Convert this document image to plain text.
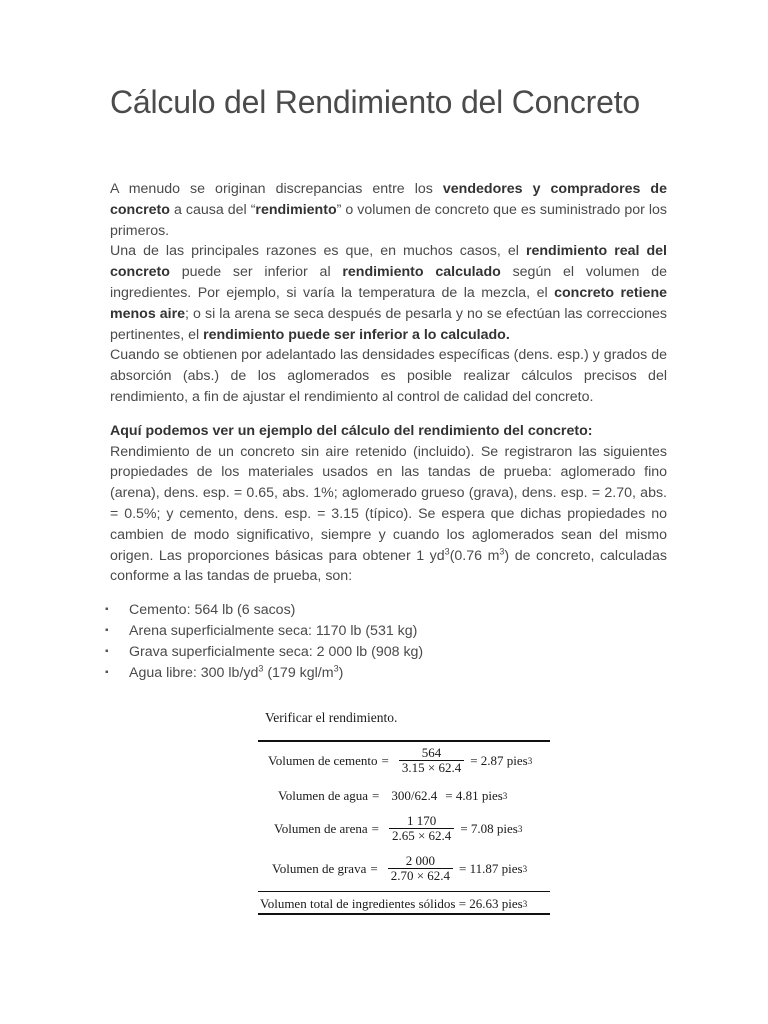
Cálculo del Rendimiento del Concreto

A menudo se originan discrepancias entre los vendedores y compradores de concreto a causa del “rendimiento” o volumen de concreto que es suministrado por los primeros.

Una de las principales razones es que, en muchos casos, el rendimiento real del concreto puede ser inferior al rendimiento calculado según el volumen de ingredientes. Por ejemplo, si varía la temperatura de la mezcla, el concreto retiene menos aire; o si la arena se seca después de pesarla y no se efectúan las correcciones pertinentes, el rendimiento puede ser inferior a lo calculado.

Cuando se obtienen por adelantado las densidades específicas (dens. esp.) y grados de absorción (abs.) de los aglomerados es posible realizar cálculos precisos del rendimiento, a fin de ajustar el rendimiento al control de calidad del concreto.

Aquí podemos ver un ejemplo del cálculo del rendimiento del concreto:

Rendimiento de un concreto sin aire retenido (incluido). Se registraron las siguientes propiedades de los materiales usados en las tandas de prueba: aglomerado fino (arena), dens. esp. = 0.65, abs. 1%; aglomerado grueso (grava), dens. esp. = 2.70, abs. = 0.5%; y cemento, dens. esp. = 3.15 (típico). Se espera que dichas propiedades no cambien de modo significativo, siempre y cuando los aglomerados sean del mismo origen. Las proporciones básicas para obtener 1 $yd^3(0.76$ $m^3$) de concreto, calculadas conforme a las tandas de prueba, son:

▪ Cemento: 564 lb (6 sacos)
▪ Arena superficialmente seca: 1170 lb (531 kg)
▪ Grava superficialmente seca: 2 000 lb (908 kg)
▪ Agua libre: 300 $lb/yd^3$ (179 kgl/$m^3$)
Verificar el rendimiento.
Volumen de cemento = $\frac{564}{3.15 \times 62.4} = 2.87$ pies 3
Volumen de agua = 300/62.4 = 4.81 pies 3
Volumen de arena = $\frac{1 170}{2.65 \times 62.4} = 7.08$ pies 3
Volumen de grava = $\frac{2 000}{2.70 \times 62.4} = 11.87$ pies 3
Volumen total de ingredientes sólidos = 26.63 pies 3
